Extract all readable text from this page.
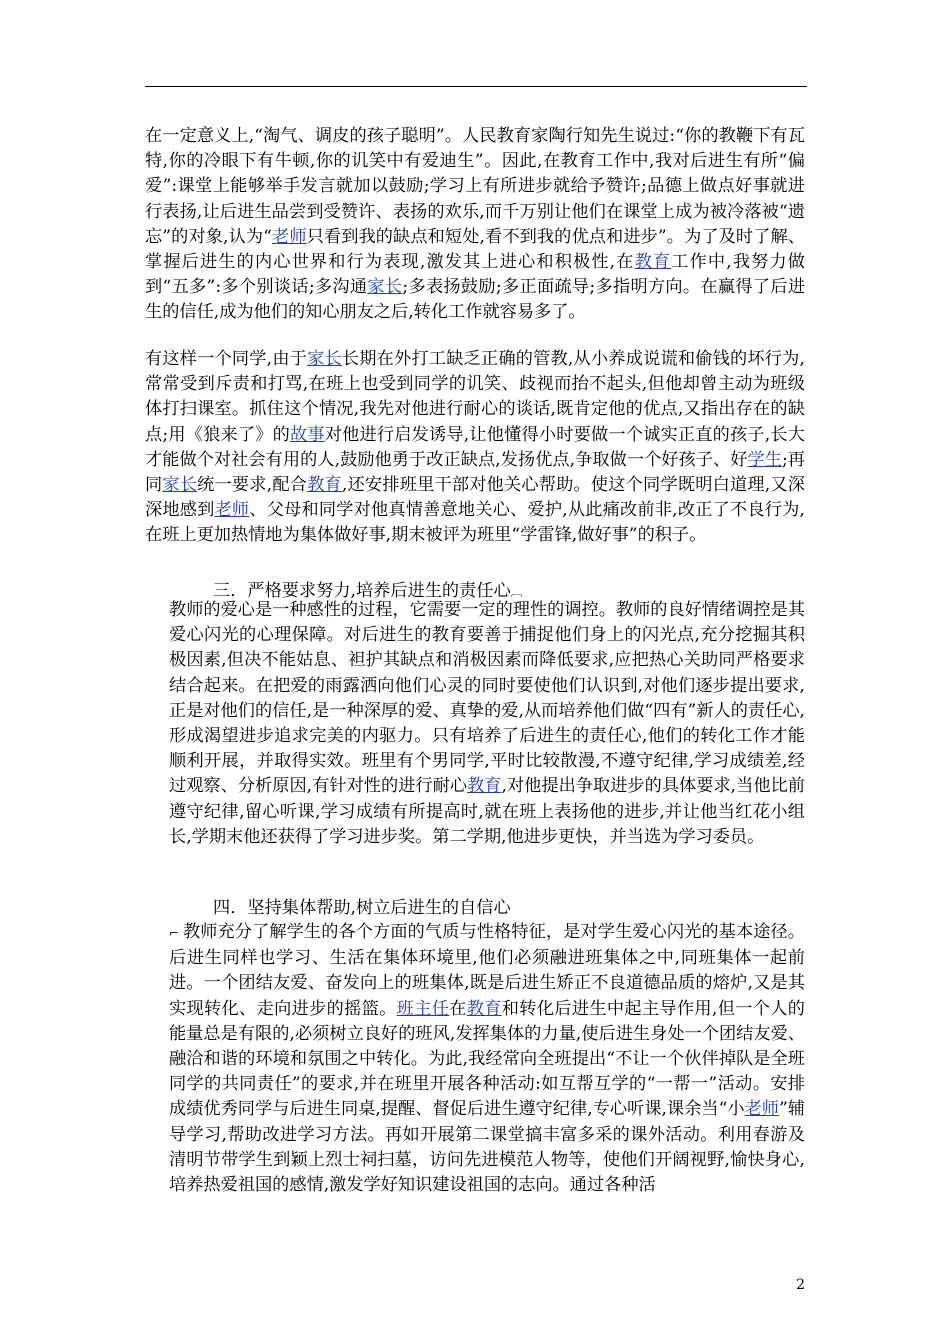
在一定意义上,“淘气、调皮的孩子聪明”。人民教育家陶行知先生说过:“你的教鞭下有瓦特,你的冷眼下有牛顿,你的讥笑中有爱迪生”。因此,在教育工作中,我对后进生有所“偏爱”:课堂上能够举手发言就加以鼓励;学习上有所进步就给予赞许;品德上做点好事就进行表扬,让后进生品尝到受赞许、表扬的欢乐,而千万别让他们在课堂上成为被冷落被“遗忘”的对象,认为“老师只看到我的缺点和短处,看不到我的优点和进步”。为了及时了解、掌握后进生的内心世界和行为表现,激发其上进心和积极性,在教育工作中,我努力做到“五多”:多个别谈话;多沟通家长;多表扬鼓励;多正面疏导;多指明方向。在赢得了后进生的信任,成为他们的知心朋友之后,转化工作就容易多了。

有这样一个同学,由于家长长期在外打工缺乏正确的管教,从小养成说谎和偷钱的坏行为,常常受到斥责和打骂,在班上也受到同学的讥笑、歧视而抬不起头,但他却曾主动为班级体打扫课室。抓住这个情况,我先对他进行耐心的谈话,既肯定他的优点,又指出存在的缺点;用《狼来了》的故事对他进行启发诱导,让他懂得小时要做一个诚实正直的孩子,长大才能做个对社会有用的人,鼓励他勇于改正缺点,发扬优点,争取做一个好孩子、好学生;再同家长统一要求,配合教育,还安排班里干部对他关心帮助。使这个同学既明白道理,又深深地感到老师、父母和同学对他真情善意地关心、爱护,从此痛改前非,改正了不良行为,在班上更加热情地为集体做好事,期末被评为班里“学雷锋,做好事”的积子。

三．严格要求努力,培养后进生的责任心︹

教师的爱心是一种感性的过程，它需要一定的理性的调控。教师的良好情绪调控是其爱心闪光的心理保障。对后进生的教育要善于捕捉他们身上的闪光点,充分挖掘其积极因素,但决不能姑息、袒护其缺点和消极因素而降低要求,应把热心关助同严格要求结合起来。在把爱的雨露洒向他们心灵的同时要使他们认识到,对他们逐步提出要求,正是对他们的信任,是一种深厚的爱、真挚的爱,从而培养他们做“四有”新人的责任心,形成渴望进步追求完美的内驱力。只有培养了后进生的责任心,他们的转化工作才能顺利开展，并取得实效。班里有个男同学,平时比较散漫,不遵守纪律,学习成绩差,经过观察、分析原因,有针对性的进行耐心教育,对他提出争取进步的具体要求,当他比前遵守纪律,留心听课,学习成绩有所提高时,就在班上表扬他的进步,并让他当红花小组长,学期末他还获得了学习进步奖。第二学期,他进步更快，并当选为学习委员。

四．坚持集体帮助,树立后进生的自信心

⌐ 教师充分了解学生的各个方面的气质与性格特征，是对学生爱心闪光的基本途径。后进生同样也学习、生活在集体环境里,他们必须融进班集体之中,同班集体一起前进。一个团结友爱、奋发向上的班集体,既是后进生矫正不良道德品质的熔炉,又是其实现转化、走向进步的摇篮。班主任在教育和转化后进生中起主导作用,但一个人的能量总是有限的,必须树立良好的班风,发挥集体的力量,使后进生身处一个团结友爱、融洽和谐的环境和氛围之中转化。为此,我经常向全班提出“不让一个伙伴掉队是全班同学的共同责任”的要求,并在班里开展各种活动:如互帮互学的“一帮一”活动。安排成绩优秀同学与后进生同桌,提醒、督促后进生遵守纪律,专心听课,课余当“小老师”辅导学习,帮助改进学习方法。再如开展第二课堂搞丰富多采的课外活动。利用春游及清明节带学生到颖上烈士祠扫墓，访问先进模范人物等，使他们开阔视野,愉快身心,培养热爱祖国的感情,激发学好知识建设祖国的志向。通过各种活

2
